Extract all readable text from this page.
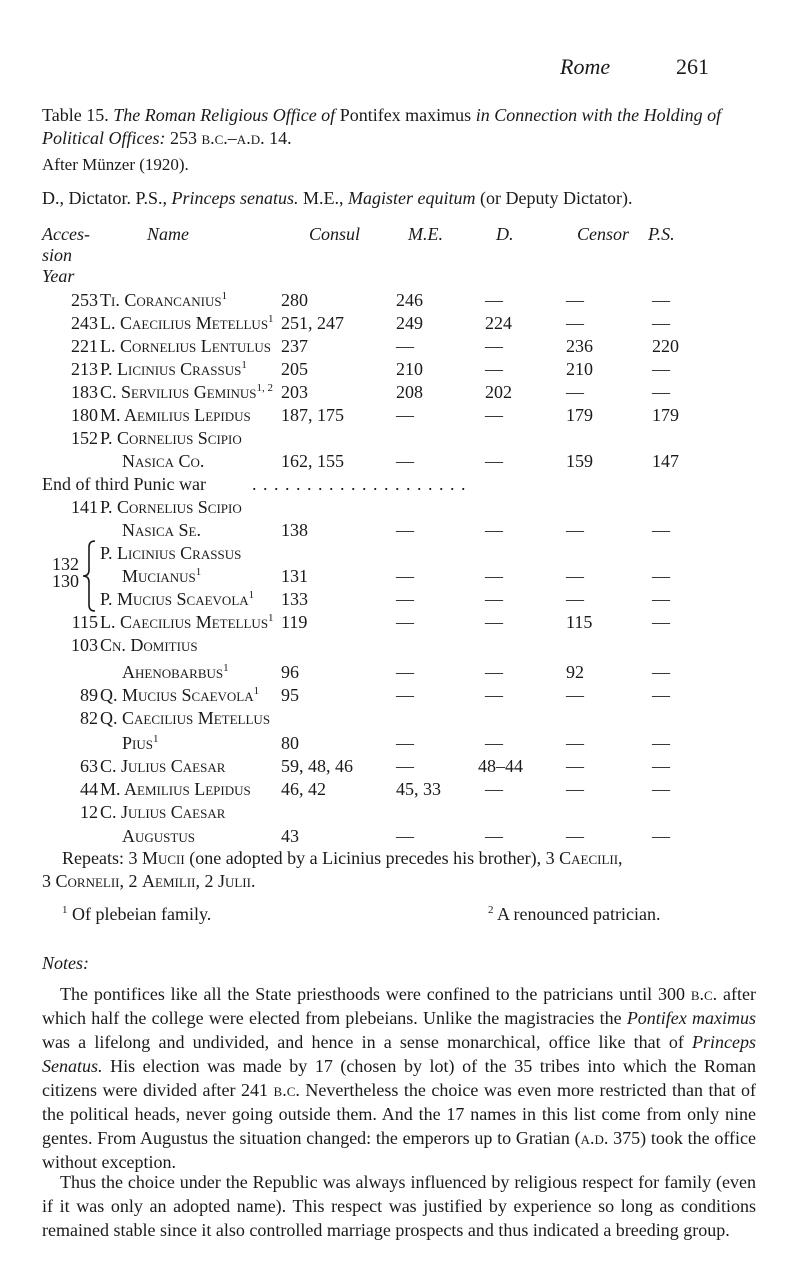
Rome	261
Table 15. The Roman Religious Office of Pontifex maximus in Connection with the Holding of Political Offices: 253 b.c.–a.d. 14.
After Münzer (1920).
D., Dictator. P.S., Princeps senatus. M.E., Magister equitum (or Deputy Dictator).
Acces-
sion
Year
Name	Consul	M.E.	D.	Censor P.S.
253 Ti. Corancanius$^1$	280	246	—	—	—
243 L. Caecilius Metellus$^1$ 251, 247	249	224	—	—
221 L. Cornelius Lentulus 237	—	—	236	220
213 P. Licinius Crassus$^1$ 205	210	—	210	—
183 C. Servilius Geminus$^{1, 2}$ 203	208	202	—	—
180 M. Aemilius Lepidus 187, 175	—	—	179	179
152 P. Cornelius Scipio
Nasica Co.	162, 155	—	—	159	147
End of third Punic war	. . . . . . . . . . . . . . . . . . . .
141 P. Cornelius Scipio
Nasica Se.	138	—	—	—	—
132
130
P. Licinius Crassus
Mucianus$^1$	131	—	—	—	—
P. Mucius Scaevola$^1$ 133	—	—	—	—
115 L. Caecilius Metellus$^1$ 119	—	—	115	—
103 Cn. Domitius
Ahenobarbus$^1$	96	—	—	92	—
89 Q. Mucius Scaevola$^1$ 95	—	—	—	—
82 Q. Caecilius Metellus
Pius$^1$	80	—	—	—	—
63 C. Julius Caesar	59, 48, 46 —	48–44 —	—
44 M. Aemilius Lepidus 46, 42	45, 33 —	—	—
12 C. Julius Caesar
Augustus	43	—	—	—	—
Repeats: 3 Mucii (one adopted by a Licinius precedes his brother), 3 Caecilii,
3 Cornelii, 2 Aemilii, 2 Julii.
$^1$ Of plebeian family.	$^2$ A renounced patrician.
Notes:
The pontifices like all the State priesthoods were confined to the patricians until 300 b.c. after which half the college were elected from plebeians. Unlike the magistracies the Pontifex maximus was a lifelong and undivided, and hence in a sense monarchical, office like that of Princeps Senatus. His election was made by 17 (chosen by lot) of the 35 tribes into which the Roman citizens were divided after 241 b.c. Nevertheless the choice was even more restricted than that of the political heads, never going outside them. And the 17 names in this list come from only nine gentes. From Augustus the situation changed: the emperors up to Gratian (a.d. 375) took the office without exception.
Thus the choice under the Republic was always influenced by religious respect for family (even if it was only an adopted name). This respect was justified by experience so long as conditions remained stable since it also controlled marriage prospects and thus indicated a breeding group.
